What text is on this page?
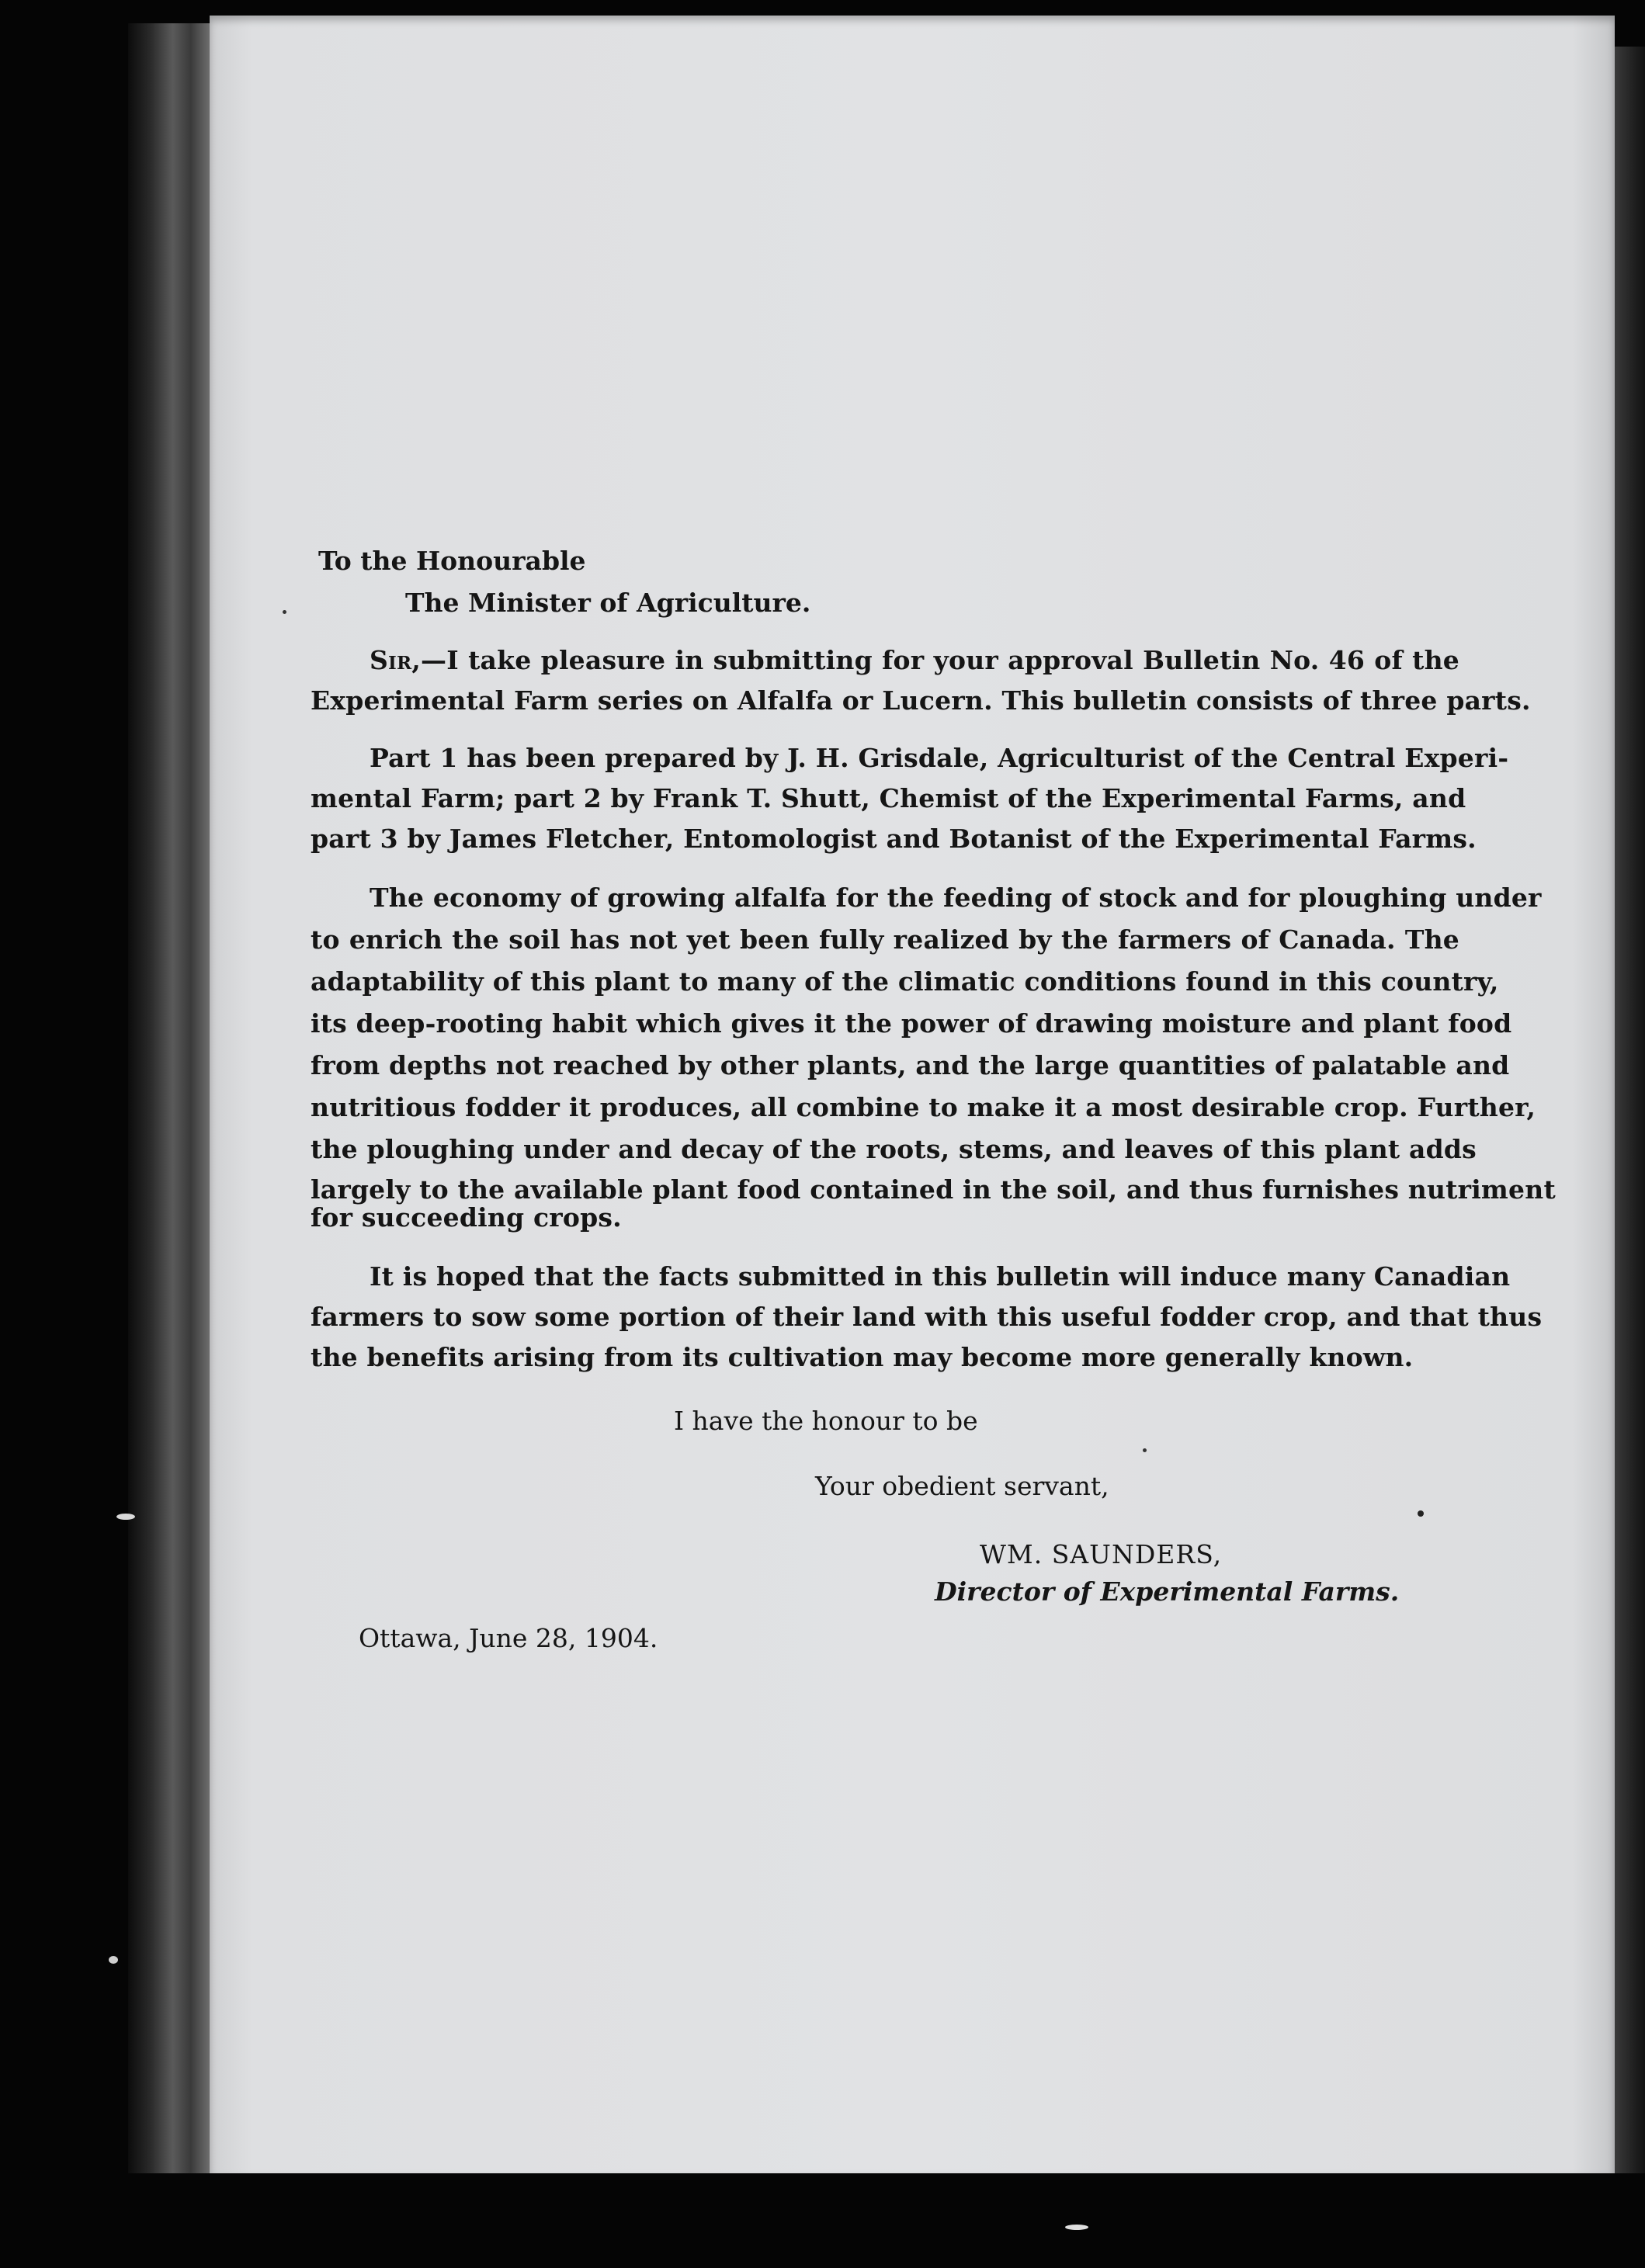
To the Honourable
The Minister of Agriculture.
Sir,—I take pleasure in submitting for your approval Bulletin No. 46 of the
Experimental Farm series on Alfalfa or Lucern. This bulletin consists of three parts.
Part 1 has been prepared by J. H. Grisdale, Agriculturist of the Central Experi-
mental Farm; part 2 by Frank T. Shutt, Chemist of the Experimental Farms, and
part 3 by James Fletcher, Entomologist and Botanist of the Experimental Farms.
The economy of growing alfalfa for the feeding of stock and for ploughing under
to enrich the soil has not yet been fully realized by the farmers of Canada. The
adaptability of this plant to many of the climatic conditions found in this country,
its deep-rooting habit which gives it the power of drawing moisture and plant food
from depths not reached by other plants, and the large quantities of palatable and
nutritious fodder it produces, all combine to make it a most desirable crop. Further,
the ploughing under and decay of the roots, stems, and leaves of this plant adds
largely to the available plant food contained in the soil, and thus furnishes nutriment
for succeeding crops.
It is hoped that the facts submitted in this bulletin will induce many Canadian
farmers to sow some portion of their land with this useful fodder crop, and that thus
the benefits arising from its cultivation may become more generally known.
I have the honour to be
Your obedient servant,
WM. SAUNDERS,
Director of Experimental Farms.
Ottawa, June 28, 1904.
